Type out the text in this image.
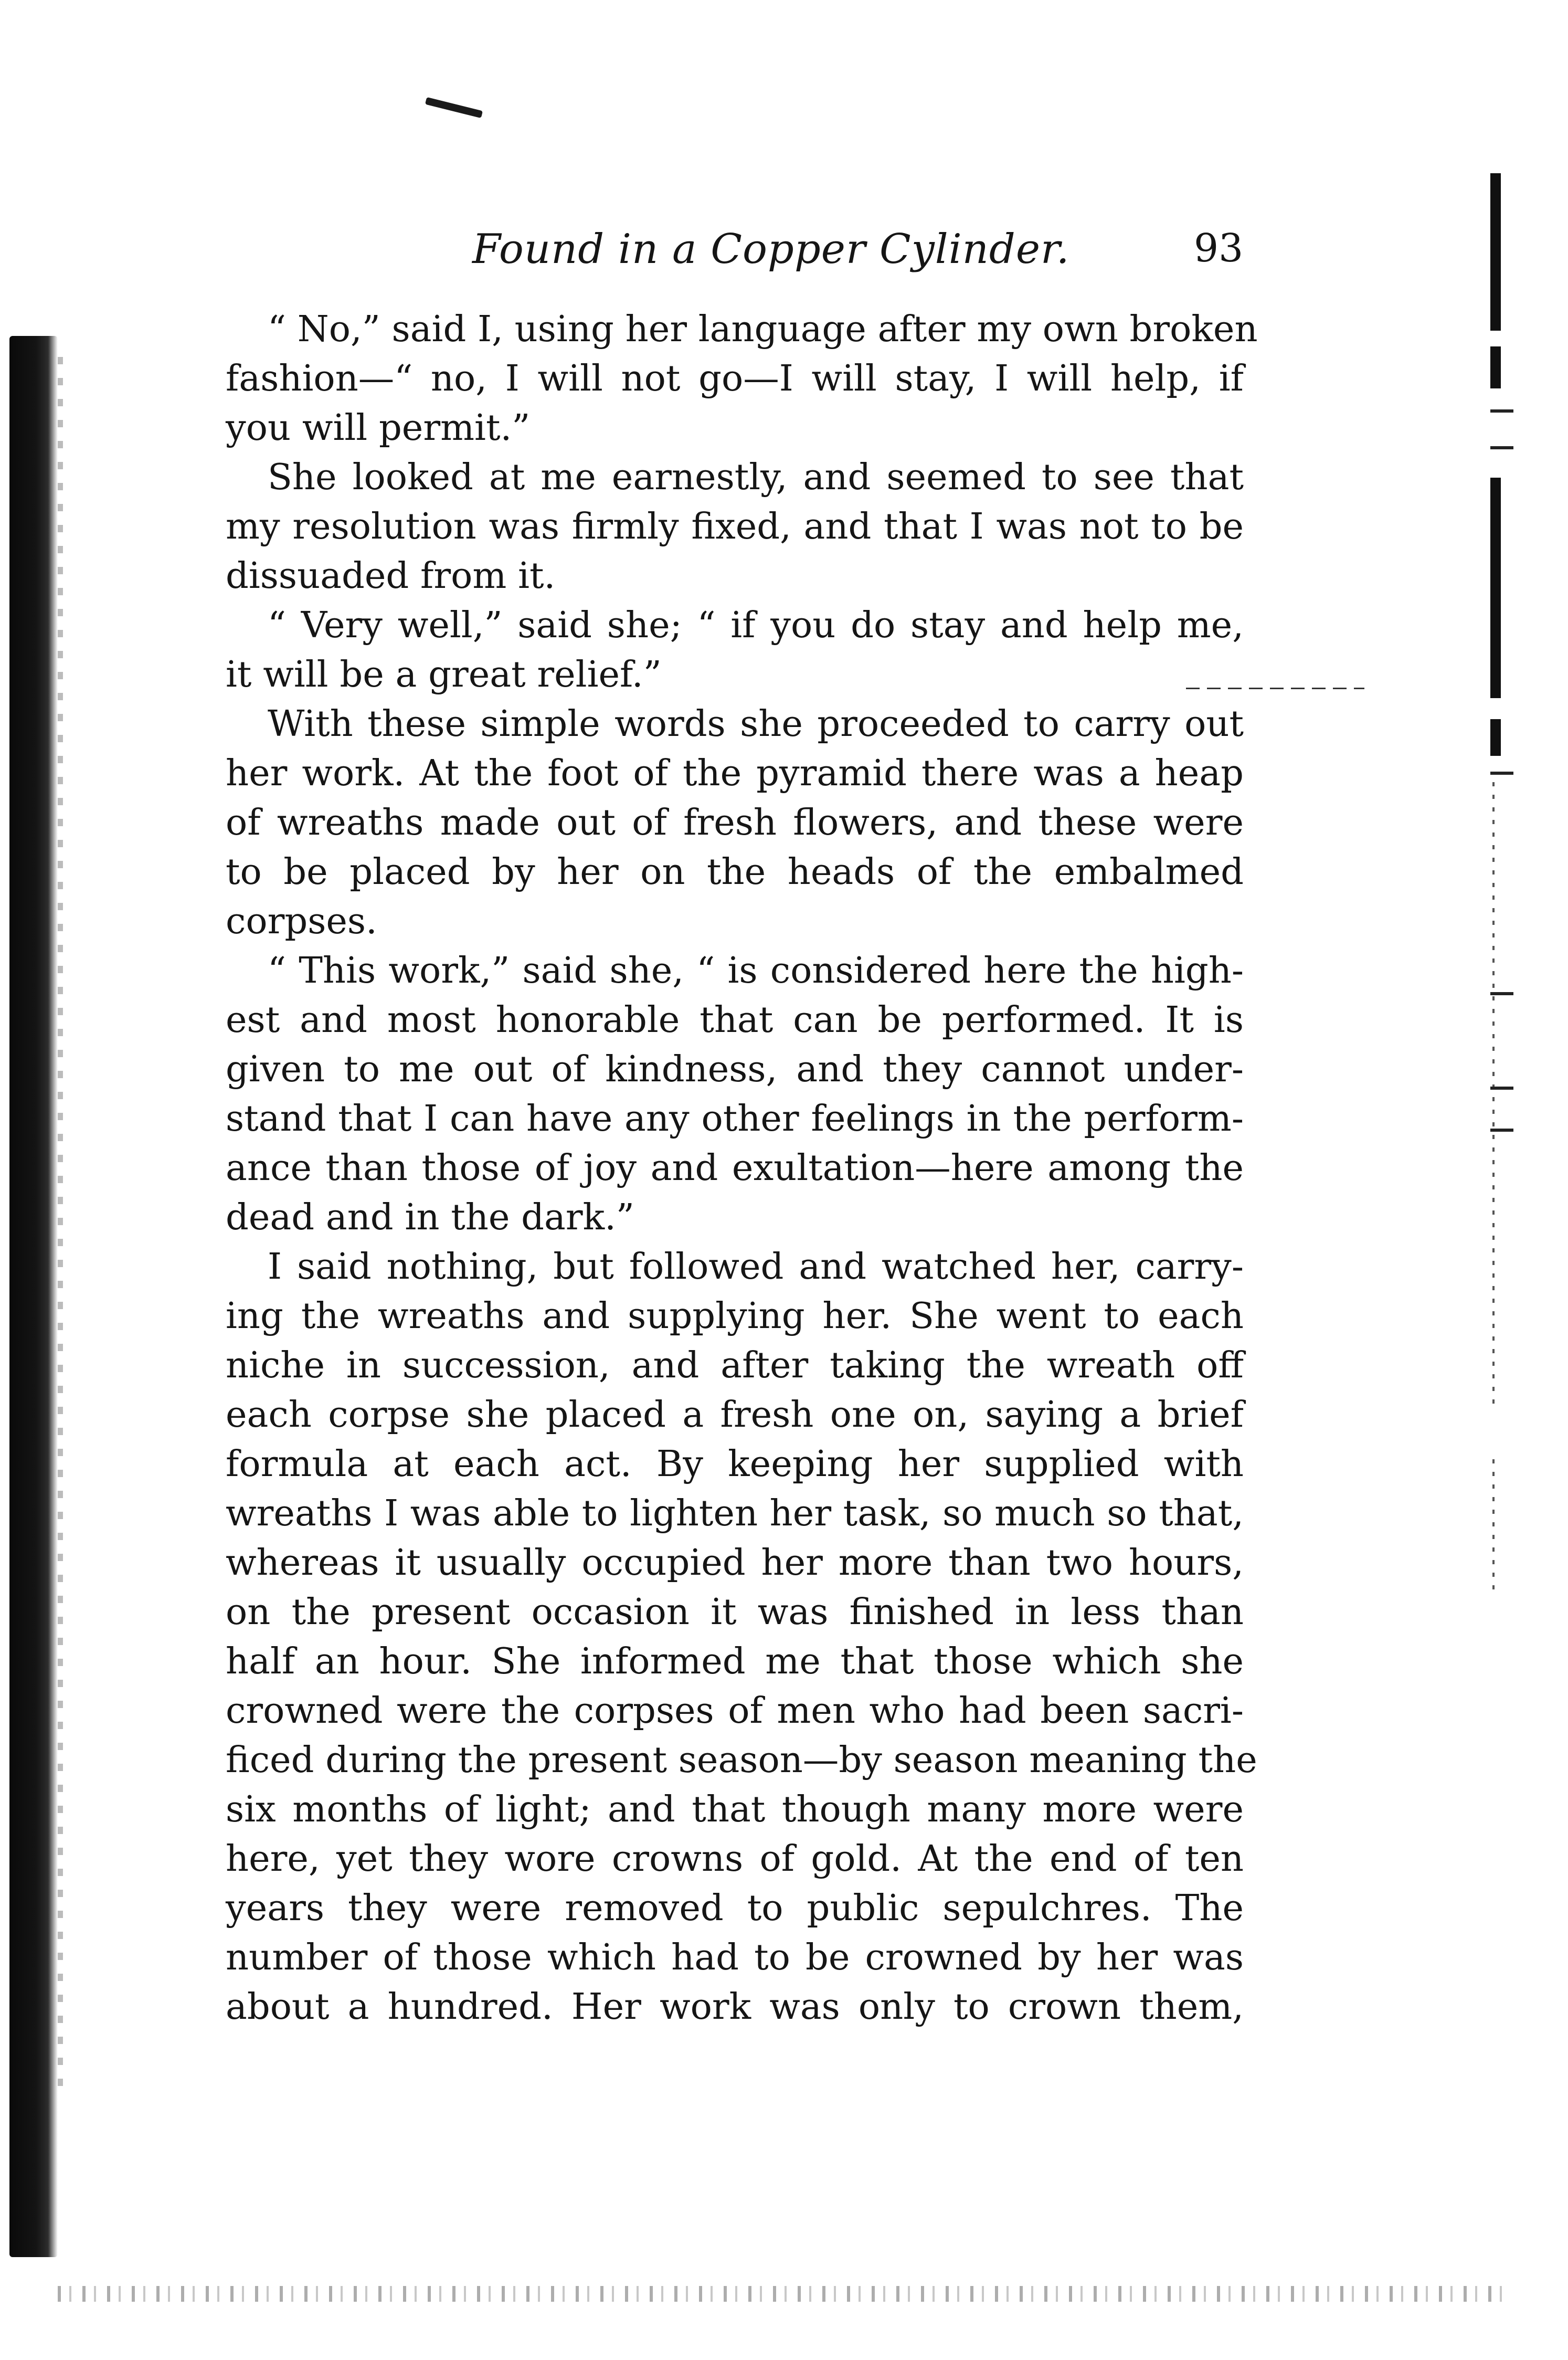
Found in a Copper Cylinder.	93
“ No,” said I, using her language after my own broken
fashion—“ no, I will not go—I will stay, I will help, if
you will permit.”
She looked at me earnestly, and seemed to see that
my resolution was firmly fixed, and that I was not to be
dissuaded from it.
“ Very well,” said she; “ if you do stay and help me,
it will be a great relief.”
With these simple words she proceeded to carry out
her work. At the foot of the pyramid there was a heap
of wreaths made out of fresh flowers, and these were
to be placed by her on the heads of the embalmed
corpses.
“ This work,” said she, “ is considered here the high-
est and most honorable that can be performed. It is
given to me out of kindness, and they cannot under-
stand that I can have any other feelings in the perform-
ance than those of joy and exultation—here among the
dead and in the dark.”
I said nothing, but followed and watched her, carry-
ing the wreaths and supplying her. She went to each
niche in succession, and after taking the wreath off
each corpse she placed a fresh one on, saying a brief
formula at each act. By keeping her supplied with
wreaths I was able to lighten her task, so much so that,
whereas it usually occupied her more than two hours,
on the present occasion it was finished in less than
half an hour. She informed me that those which she
crowned were the corpses of men who had been sacri-
ficed during the present season—by season meaning the
six months of light; and that though many more were
here, yet they wore crowns of gold. At the end of ten
years they were removed to public sepulchres. The
number of those which had to be crowned by her was
about a hundred. Her work was only to crown them,
